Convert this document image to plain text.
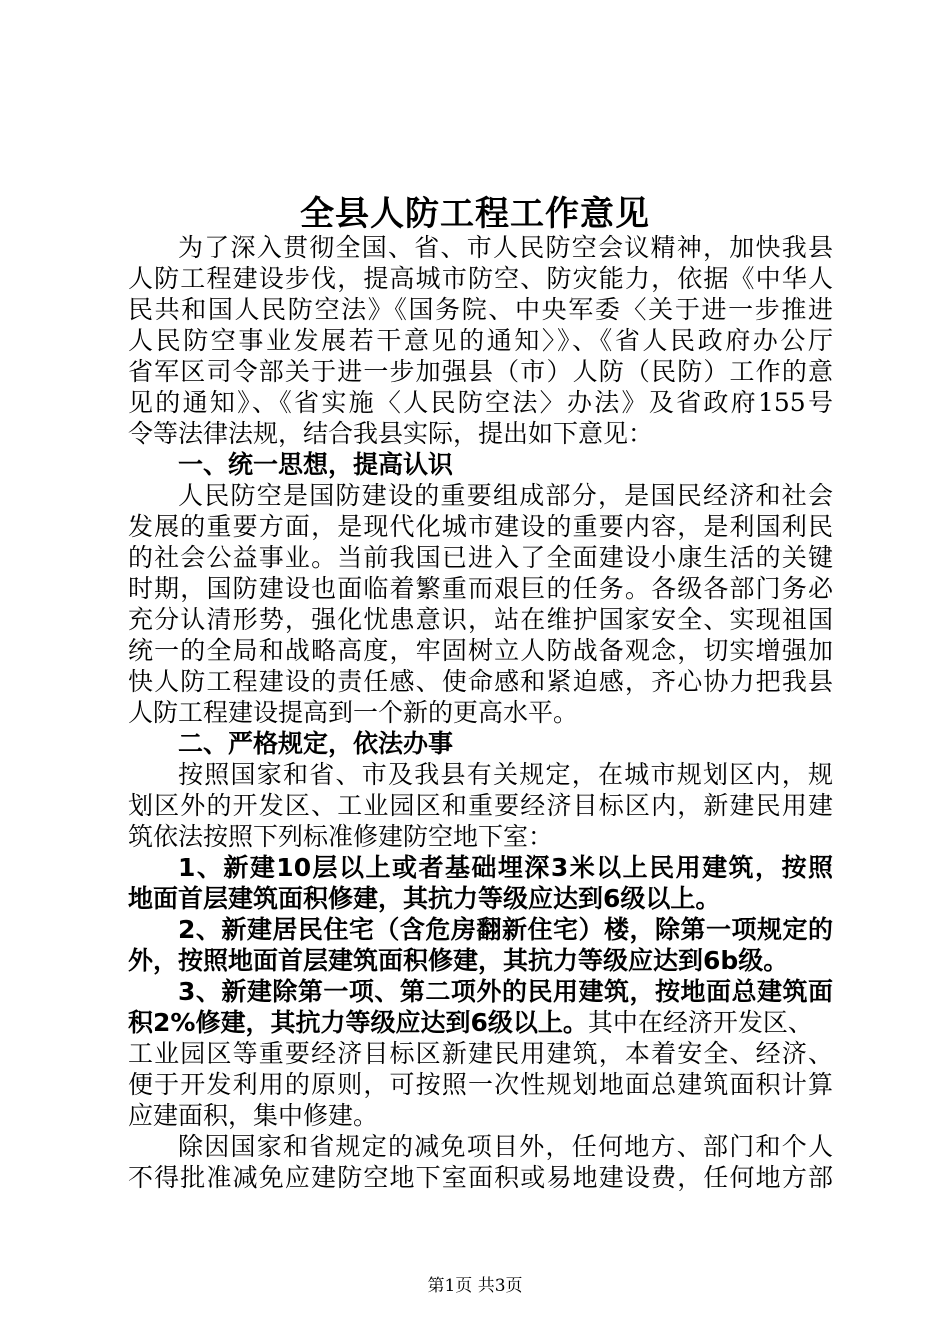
全县人防工程工作意见
为了深入贯彻全国、省、市人民防空会议精神，加快我县
人防工程建设步伐，提高城市防空、防灾能力，依据《中华人
民共和国人民防空法》《国务院、中央军委〈关于进一步推进
人民防空事业发展若干意见的通知〉》、《省人民政府办公厅
省军区司令部关于进一步加强县（市）人防（民防）工作的意
见的通知》、《省实施〈人民防空法〉办法》及省政府155号
令等法律法规，结合我县实际，提出如下意见：
一、统一思想，提高认识
人民防空是国防建设的重要组成部分，是国民经济和社会
发展的重要方面，是现代化城市建设的重要内容，是利国利民
的社会公益事业。当前我国已进入了全面建设小康生活的关键
时期，国防建设也面临着繁重而艰巨的任务。各级各部门务必
充分认清形势，强化忧患意识，站在维护国家安全、实现祖国
统一的全局和战略高度，牢固树立人防战备观念，切实增强加
快人防工程建设的责任感、使命感和紧迫感，齐心协力把我县
人防工程建设提高到一个新的更高水平。
二、严格规定，依法办事
按照国家和省、市及我县有关规定，在城市规划区内，规
划区外的开发区、工业园区和重要经济目标区内，新建民用建
筑依法按照下列标准修建防空地下室：
1、新建10层以上或者基础埋深3米以上民用建筑，按照
地面首层建筑面积修建，其抗力等级应达到6级以上。
2、新建居民住宅（含危房翻新住宅）楼，除第一项规定的
外，按照地面首层建筑面积修建，其抗力等级应达到6b级。
3、新建除第一项、第二项外的民用建筑，按地面总建筑面
积2%修建，其抗力等级应达到6级以上。其中在经济开发区、
工业园区等重要经济目标区新建民用建筑，本着安全、经济、
便于开发利用的原则，可按照一次性规划地面总建筑面积计算
应建面积，集中修建。
除因国家和省规定的减免项目外，任何地方、部门和个人
不得批准减免应建防空地下室面积或易地建设费，任何地方部
第1页 共3页
